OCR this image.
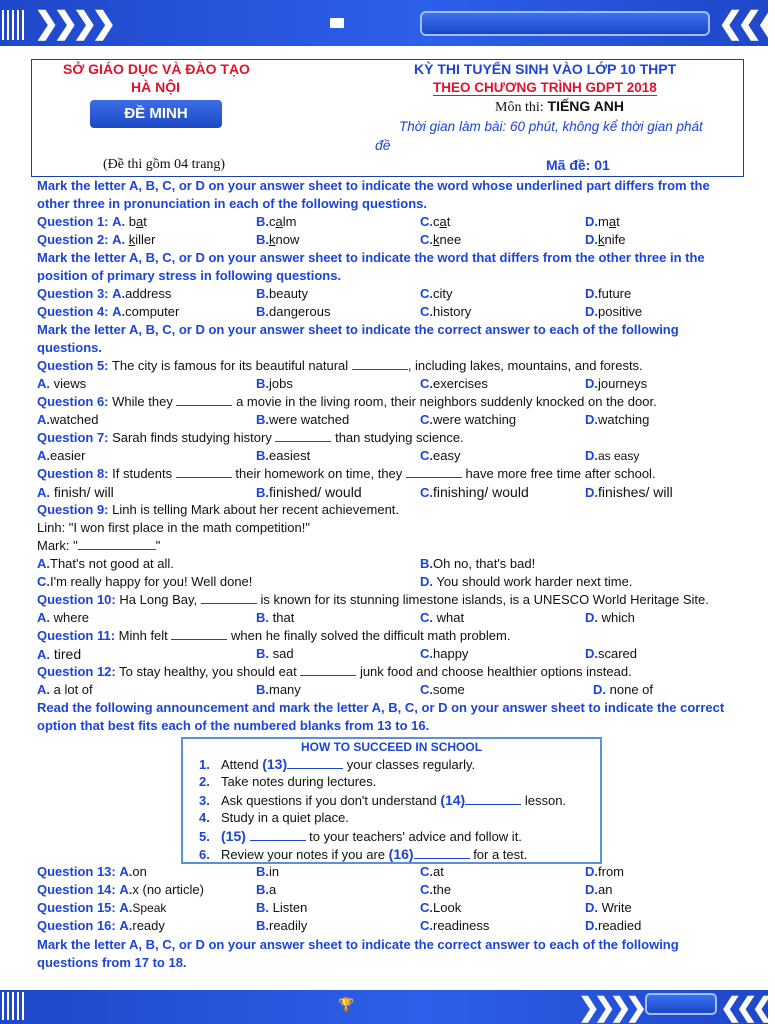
❯❯❯❯	❮❮❮
SỞ GIÁO DỤC VÀ ĐÀO TẠO
HÀ NỘI
ĐỀ MINH
(Đề thi gồm 04 trang)
KỲ THI TUYỂN SINH VÀO LỚP 10 THPT
THEO CHƯƠNG TRÌNH GDPT 2018
Môn thi: TIẾNG ANH
Thời gian làm bài: 60 phút, không kể thời gian phát
đề
Mã đề: 01
Mark the letter A, B, C, or D on your answer sheet to indicate the word whose underlined part differs from the other three in pronunciation in each of the following questions.
Question 1: A. bat	B.calm	C.cat	D.mat
Question 2: A. killer	B.know	C.knee	D.knife
Mark the letter A, B, C, or D on your answer sheet to indicate the word that differs from the other three in the position of primary stress in following questions.
Question 3: A.address	B.beauty	C.city	D.future
Question 4: A.computer	B.dangerous	C.history	D.positive
Mark the letter A, B, C, or D on your answer sheet to indicate the correct answer to each of the following questions.
Question 5: The city is famous for its beautiful natural	, including lakes, mountains, and forests.
A. views	B.jobs	C.exercises	D.journeys
Question 6: While they	a movie in the living room, their neighbors suddenly knocked on the door.
A.watched	B.were watched	C.were watching	D.watching
Question 7: Sarah finds studying history	than studying science.
A.easier	B.easiest	C.easy	D.as easy
Question 8: If students	their homework on time, they	have more free time after school.
A. finish/ will	B.finished/ would	C.finishing/ would	D.finishes/ will
Question 9: Linh is telling Mark about her recent achievement.
Linh: "I won first place in the math competition!"
Mark: "	"
A.That's not good at all.	B.Oh no, that's bad!
C.I'm really happy for you! Well done!	D. You should work harder next time.
Question 10: Ha Long Bay,	is known for its stunning limestone islands, is a UNESCO World Heritage Site.
A. where	B. that	C. what	D. which
Question 11: Minh felt	when he finally solved the difficult math problem.
A. tired	B. sad	C.happy	D.scared
Question 12: To stay healthy, you should eat	junk food and choose healthier options instead.
A. a lot of	B.many	C.some	D. none of
Read the following announcement and mark the letter A, B, C, or D on your answer sheet to indicate the correct option that best fits each of the numbered blanks from 13 to 16.
HOW TO SUCCEED IN SCHOOL
1. Attend (13)	your classes regularly.
2. Take notes during lectures.
3. Ask questions if you don't understand (14)	lesson.
4. Study in a quiet place.
5. (15)	to your teachers' advice and follow it.
6. Review your notes if you are (16)	for a test.
Question 13: A.on	B.in	C.at	D.from
Question 14: A.x (no article)	B.a	C.the	D.an
Question 15: A.Speak	B. Listen	C.Look	D. Write
Question 16: A.ready	B.readily	C.readiness	D.readied
Mark the letter A, B, C, or D on your answer sheet to indicate the correct answer to each of the following questions from 17 to 18.
🏆	❯❯❯❯	❮❮❮
